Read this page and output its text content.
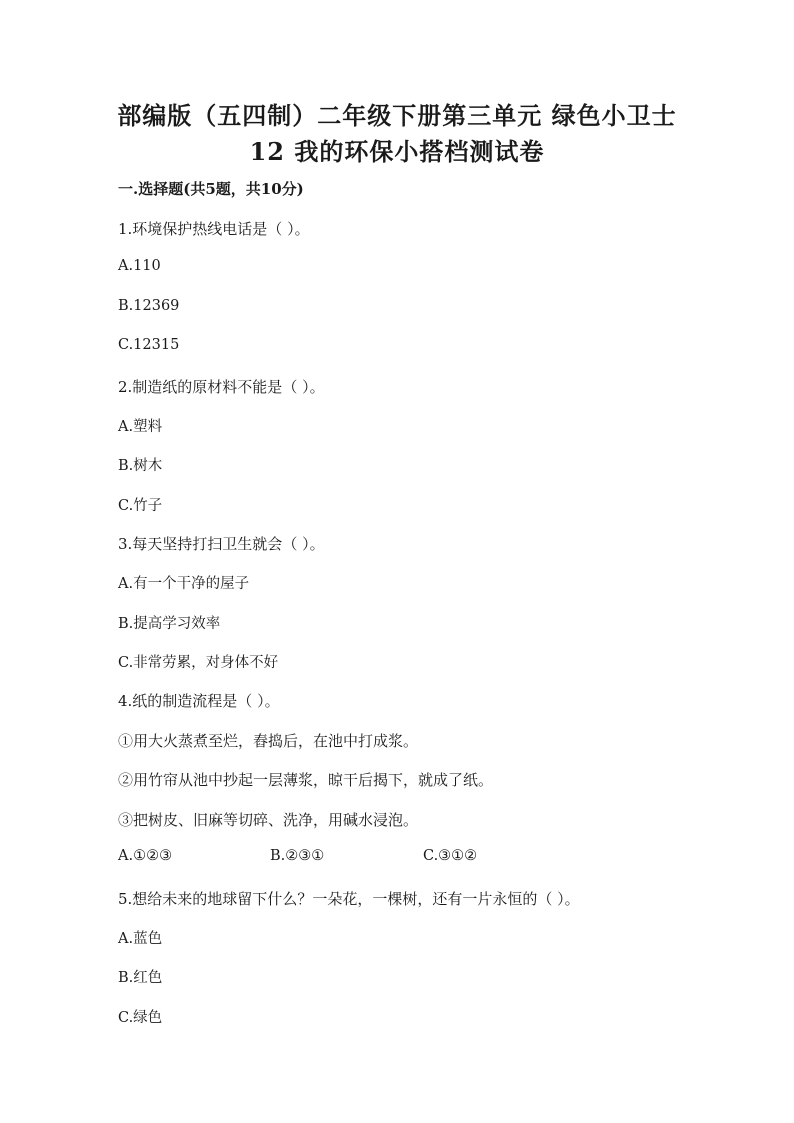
部编版（五四制）二年级下册第三单元 绿色小卫士
12 我的环保小搭档测试卷
一.选择题(共5题，共10分)
1.环境保护热线电话是（ ）。
A.110
B.12369
C.12315
2.制造纸的原材料不能是（ ）。
A.塑料
B.树木
C.竹子
3.每天坚持打扫卫生就会（ ）。
A.有一个干净的屋子
B.提高学习效率
C.非常劳累，对身体不好
4.纸的制造流程是（ ）。
①用大火蒸煮至烂，舂捣后，在池中打成浆。
②用竹帘从池中抄起一层薄浆，晾干后揭下，就成了纸。
③把树皮、旧麻等切碎、洗净，用碱水浸泡。
A.①②③	B.②③①	C.③①②
5.想给未来的地球留下什么？一朵花，一棵树，还有一片永恒的（ ）。
A.蓝色
B.红色
C.绿色
